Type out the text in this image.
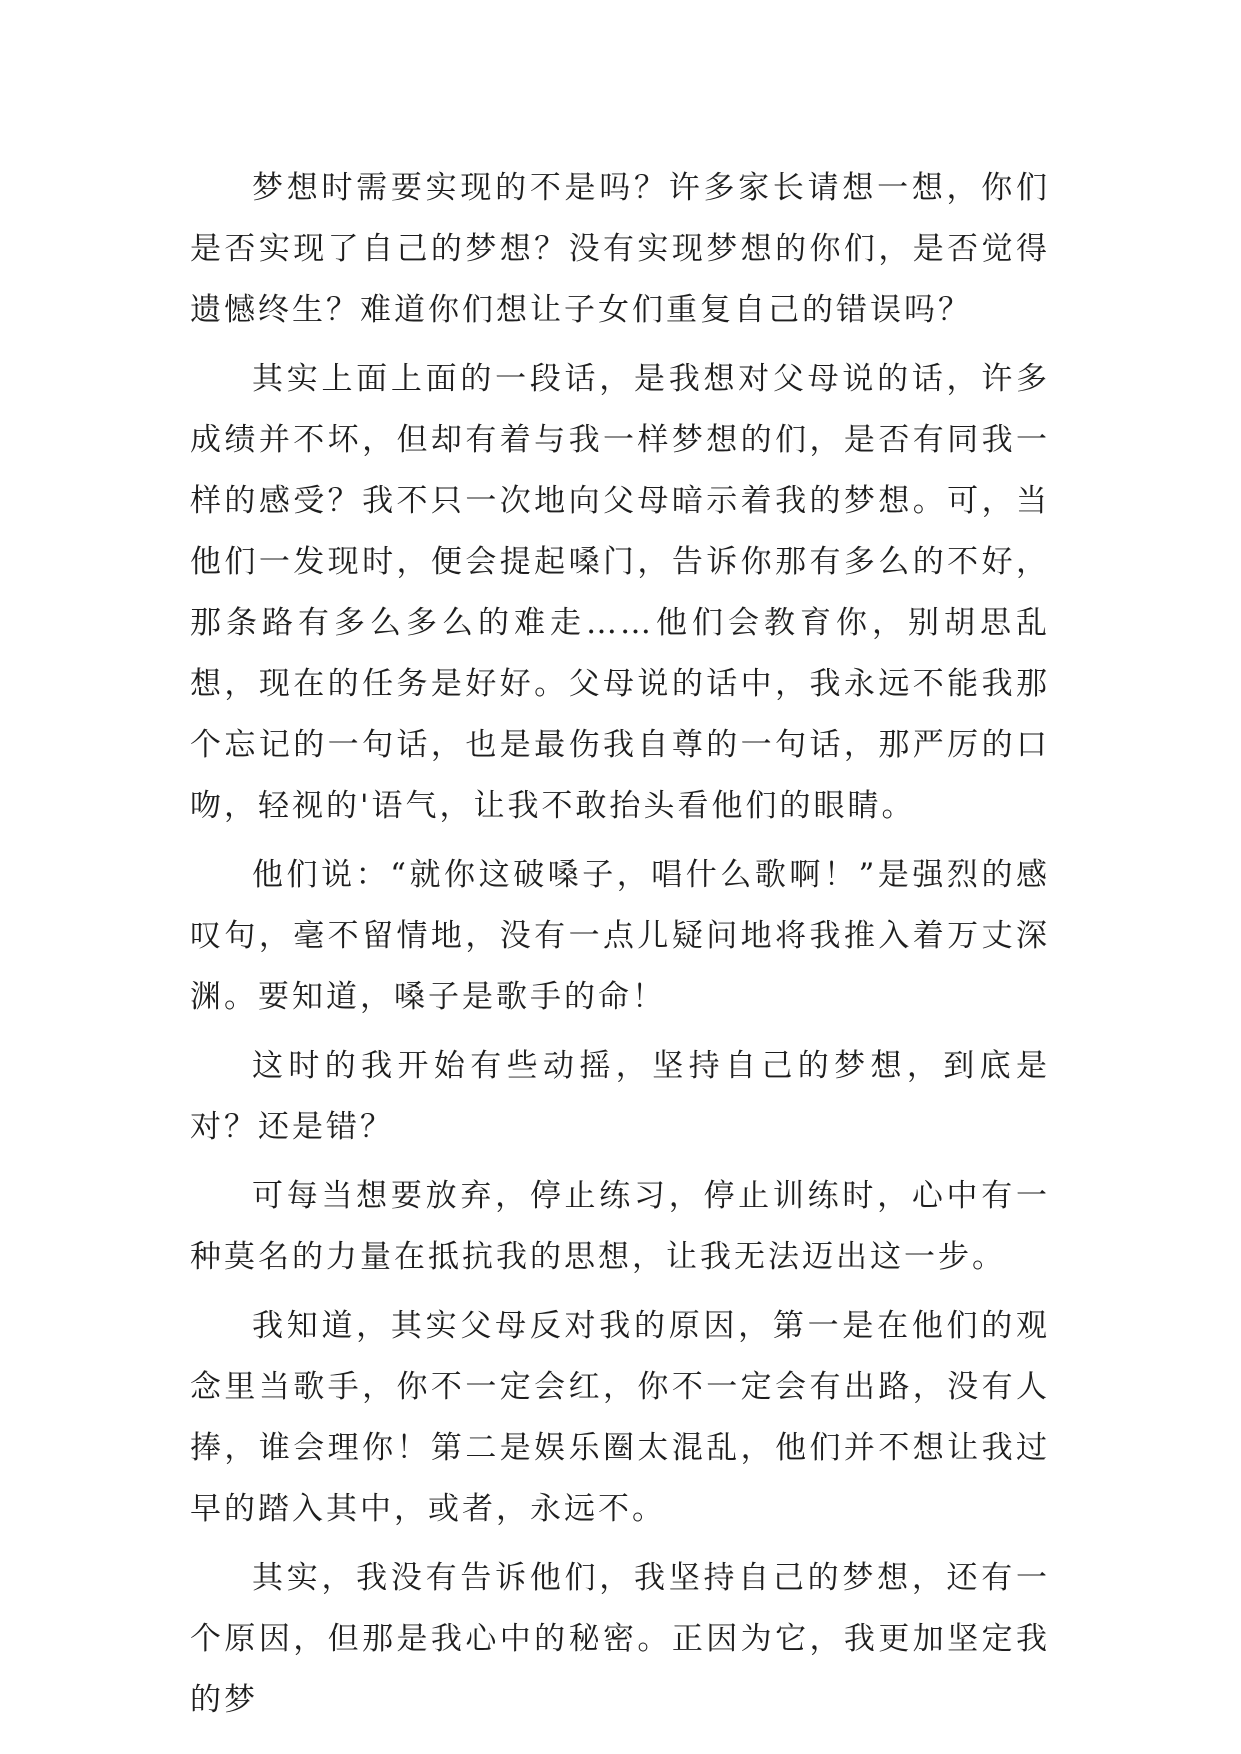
梦想时需要实现的不是吗？许多家长请想一想，你们是否实现了自己的梦想？没有实现梦想的你们，是否觉得遗憾终生？难道你们想让子女们重复自己的错误吗？

其实上面上面的一段话，是我想对父母说的话，许多成绩并不坏，但却有着与我一样梦想的们，是否有同我一样的感受？我不只一次地向父母暗示着我的梦想。可，当他们一发现时，便会提起嗓门，告诉你那有多么的不好，那条路有多么多么的难走……他们会教育你，别胡思乱想，现在的任务是好好。父母说的话中，我永远不能我那个忘记的一句话，也是最伤我自尊的一句话，那严厉的口吻，轻视的'语气，让我不敢抬头看他们的眼睛。

他们说：“就你这破嗓子，唱什么歌啊！”是强烈的感叹句，毫不留情地，没有一点儿疑问地将我推入着万丈深渊。要知道，嗓子是歌手的命！

这时的我开始有些动摇，坚持自己的梦想，到底是对？还是错？

可每当想要放弃，停止练习，停止训练时，心中有一种莫名的力量在抵抗我的思想，让我无法迈出这一步。

我知道，其实父母反对我的原因，第一是在他们的观念里当歌手，你不一定会红，你不一定会有出路，没有人捧，谁会理你！第二是娱乐圈太混乱，他们并不想让我过早的踏入其中，或者，永远不。

其实，我没有告诉他们，我坚持自己的梦想，还有一个原因，但那是我心中的秘密。正因为它，我更加坚定我的梦
